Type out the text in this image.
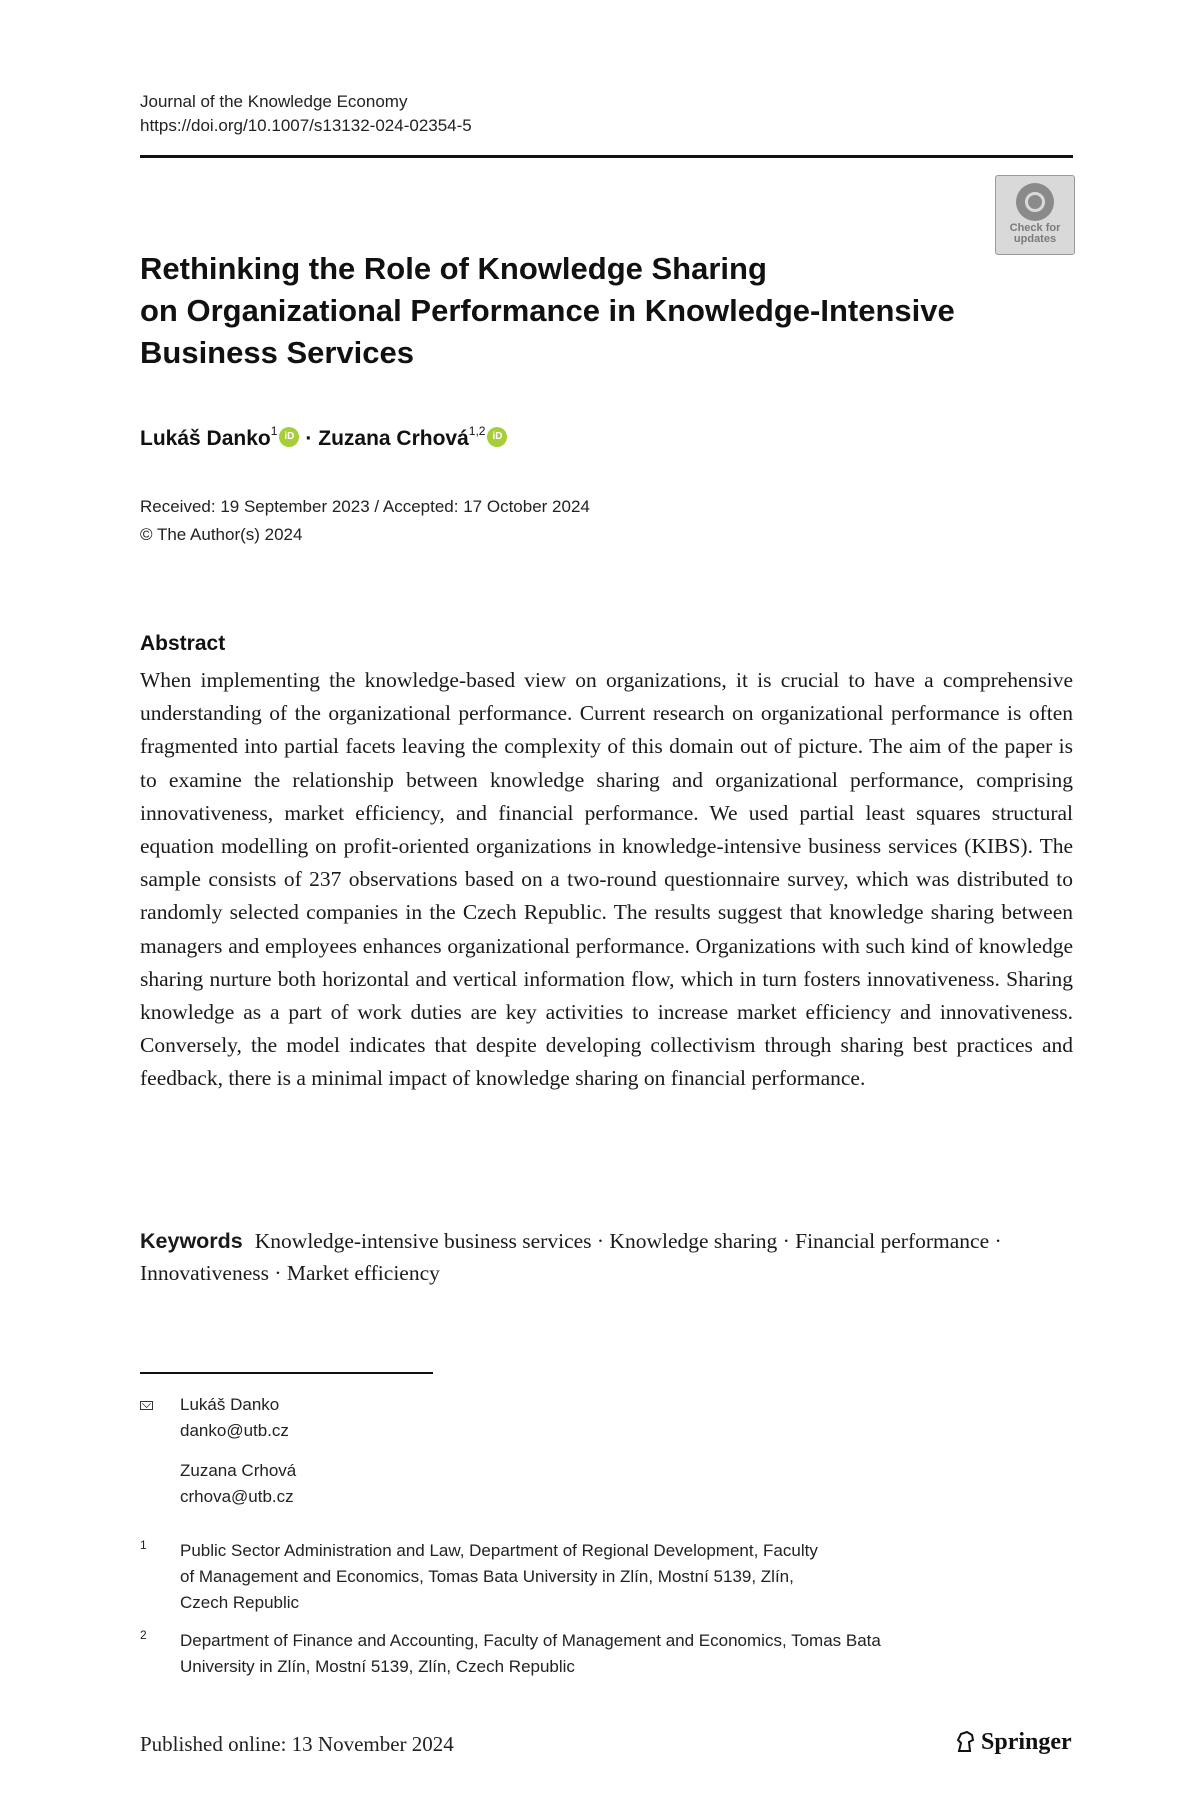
Journal of the Knowledge Economy
https://doi.org/10.1007/s13132-024-02354-5
Check for updates
Rethinking the Role of Knowledge Sharing
on Organizational Performance in Knowledge-Intensive
Business Services
Lukáš Danko$^1$iD · Zuzana Crhová$^{1,2}$iD
Received: 19 September 2023 / Accepted: 17 October 2024
© The Author(s) 2024
Abstract
When implementing the knowledge-based view on organizations, it is crucial to have a comprehensive understanding of the organizational performance. Current research on organizational performance is often fragmented into partial facets leaving the complexity of this domain out of picture. The aim of the paper is to examine the relationship between knowledge sharing and organizational performance, comprising innovativeness, market efficiency, and financial performance. We used partial least squares structural equation modelling on profit-oriented organizations in knowledge-intensive business services (KIBS). The sample consists of 237 observations based on a two-round questionnaire survey, which was distributed to randomly selected companies in the Czech Republic. The results suggest that knowledge sharing between managers and employees enhances organizational performance. Organizations with such kind of knowledge sharing nurture both horizontal and vertical information flow, which in turn fosters innovativeness. Sharing knowledge as a part of work duties are key activities to increase market efficiency and innovativeness. Conversely, the model indicates that despite developing collectivism through sharing best practices and feedback, there is a minimal impact of knowledge sharing on financial performance.
Keywords Knowledge-intensive business services · Knowledge sharing · Financial performance · Innovativeness · Market efficiency
Lukáš Danko
danko@utb.cz
Zuzana Crhová
crhova@utb.cz
1 Public Sector Administration and Law, Department of Regional Development, Faculty
of Management and Economics, Tomas Bata University in Zlín, Mostní 5139, Zlín,
Czech Republic
2 Department of Finance and Accounting, Faculty of Management and Economics, Tomas Bata
University in Zlín, Mostní 5139, Zlín, Czech Republic
Published online: 13 November 2024	Springer
